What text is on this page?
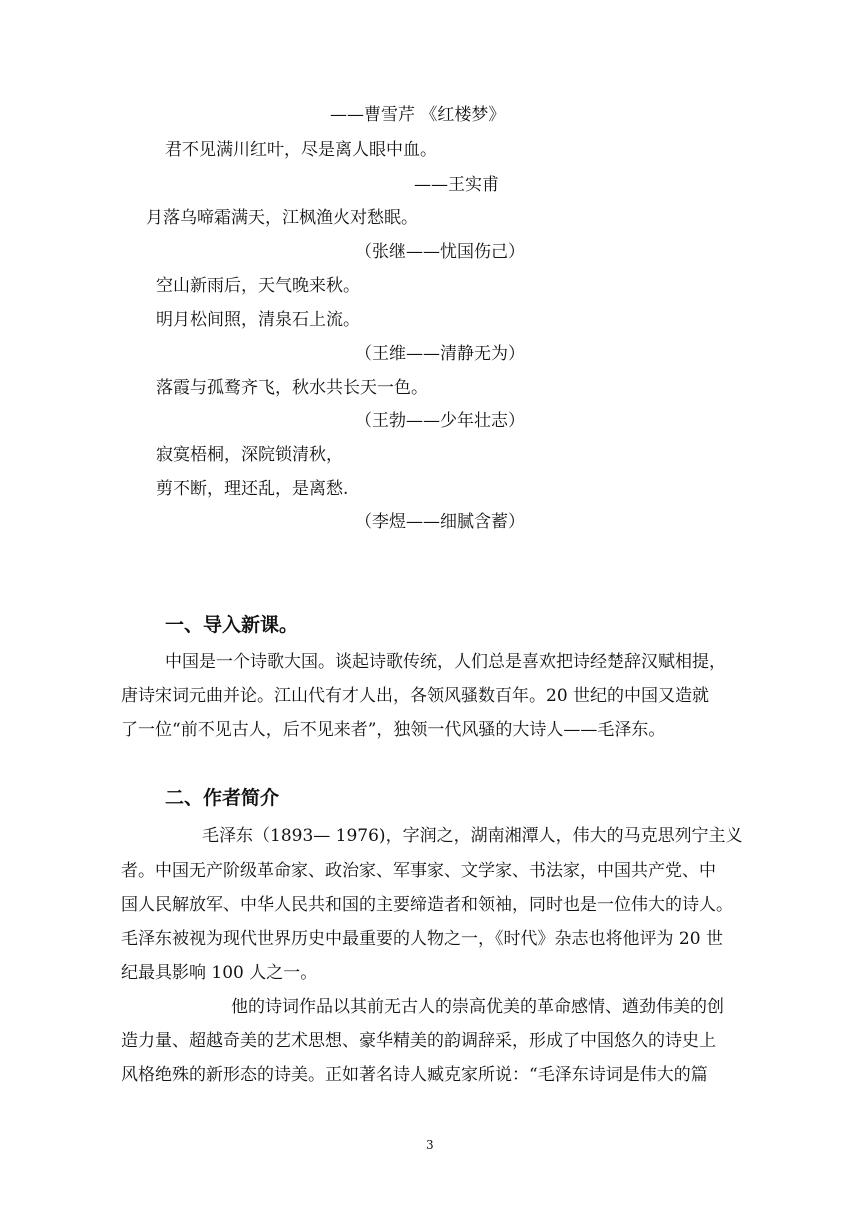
——曹雪芹 《红楼梦》
君不见满川红叶，尽是离人眼中血。
——王实甫
月落乌啼霜满天，江枫渔火对愁眠。
（张继——忧国伤己）
空山新雨后，天气晚来秋。
明月松间照，清泉石上流。
（王维——清静无为）
落霞与孤鹜齐飞，秋水共长天一色。
（王勃——少年壮志）
寂寞梧桐，深院锁清秋，
剪不断，理还乱，是离愁.
（李煜——细腻含蓄）
一、导入新课。
中国是一个诗歌大国。谈起诗歌传统，人们总是喜欢把诗经楚辞汉赋相提，
唐诗宋词元曲并论。江山代有才人出，各领风骚数百年。20 世纪的中国又造就
了一位“前不见古人，后不见来者”，独领一代风骚的大诗人——毛泽东。
二、作者简介
毛泽东（1893— 1976)，字润之，湖南湘潭人，伟大的马克思列宁主义
者。中国无产阶级革命家、政治家、军事家、文学家、书法家，中国共产党、中
国人民解放军、中华人民共和国的主要缔造者和领袖，同时也是一位伟大的诗人。
毛泽东被视为现代世界历史中最重要的人物之一，《时代》杂志也将他评为 20 世
纪最具影响 100 人之一。
他的诗词作品以其前无古人的崇高优美的革命感情、遒劲伟美的创
造力量、超越奇美的艺术思想、豪华精美的韵调辞采，形成了中国悠久的诗史上
风格绝殊的新形态的诗美。正如著名诗人臧克家所说：“毛泽东诗词是伟大的篇
3
